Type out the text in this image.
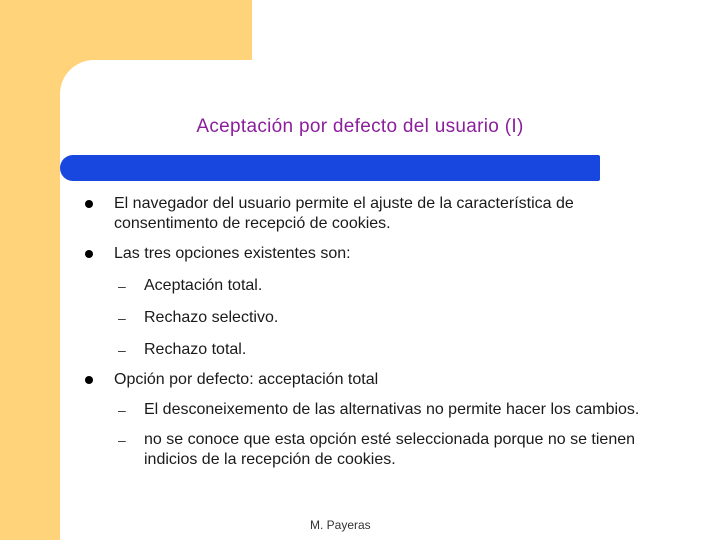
Aceptación por defecto del usuario (I)
El navegador del usuario permite el ajuste de la característica de consentimento de recepció de cookies.
Las tres opciones existentes son:
– Aceptación total.
– Rechazo selectivo.
– Rechazo total.
Opción por defecto: acceptación total
– El desconeixemento de las alternativas no permite hacer los cambios.
– no se conoce que esta opción esté seleccionada porque no se tienen indicios de la recepción de cookies.
M. Payeras
